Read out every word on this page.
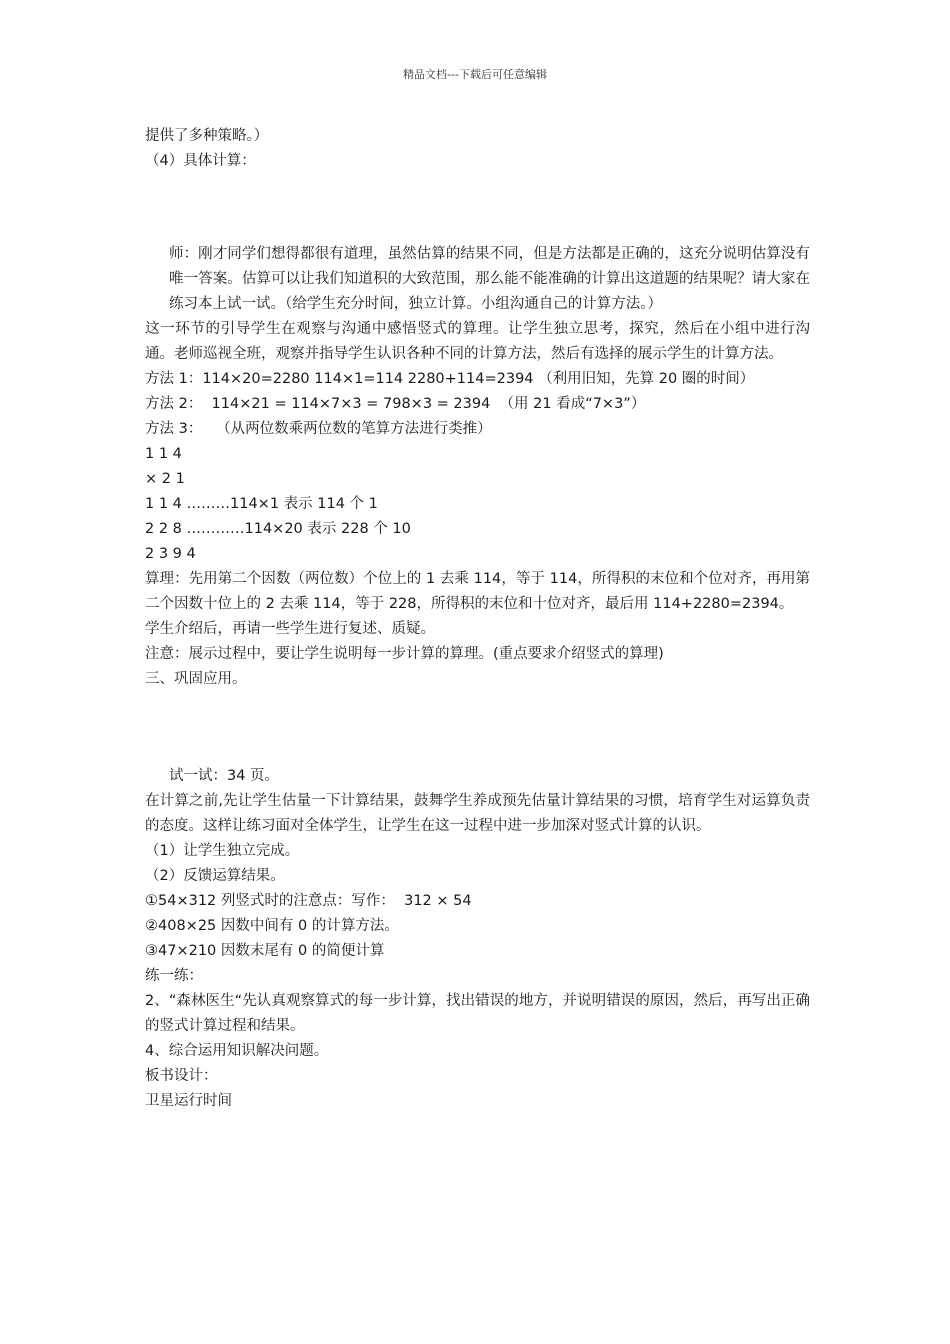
精品文档---下载后可任意编辑

提供了多种策略。）

（4）具体计算：

师：刚才同学们想得都很有道理，虽然估算的结果不同，但是方法都是正确的，这充分说明估算没有唯一答案。估算可以让我们知道积的大致范围，那么能不能准确的计算出这道题的结果呢？请大家在练习本上试一试。（给学生充分时间，独立计算。小组沟通自己的计算方法。）

这一环节的引导学生在观察与沟通中感悟竖式的算理。让学生独立思考，探究，然后在小组中进行沟通。老师巡视全班，观察并指导学生认识各种不同的计算方法，然后有选择的展示学生的计算方法。

方法 1：114×20=2280 114×1=114 2280+114=2394 （利用旧知，先算 20 圈的时间）

方法 2：  114×21 = 114×7×3 = 798×3 = 2394  （用 21 看成“7×3”）

方法 3：   （从两位数乘两位数的笔算方法进行类推）

1 1 4

× 2 1

1 1 4 ………114×1 表示 114 个 1

2 2 8 …………114×20 表示 228 个 10

2 3 9 4

算理：先用第二个因数（两位数）个位上的 1 去乘 114，等于 114，所得积的末位和个位对齐，再用第二个因数十位上的 2 去乘 114，等于 228，所得积的末位和十位对齐，最后用 114+2280=2394。

学生介绍后，再请一些学生进行复述、质疑。

注意：展示过程中，要让学生说明每一步计算的算理。(重点要求介绍竖式的算理)

三、巩固应用。

试一试：34 页。

在计算之前,先让学生估量一下计算结果，鼓舞学生养成预先估量计算结果的习惯，培育学生对运算负责的态度。这样让练习面对全体学生，让学生在这一过程中进一步加深对竖式计算的认识。

（1）让学生独立完成。

（2）反馈运算结果。

①54×312 列竖式时的注意点：写作：  312 × 54

②408×25 因数中间有 0 的计算方法。

③47×210 因数末尾有 0 的简便计算

练一练：

2、“森林医生“先认真观察算式的每一步计算，找出错误的地方，并说明错误的原因，然后，再写出正确的竖式计算过程和结果。

4、综合运用知识解决问题。

板书设计：

卫星运行时间
